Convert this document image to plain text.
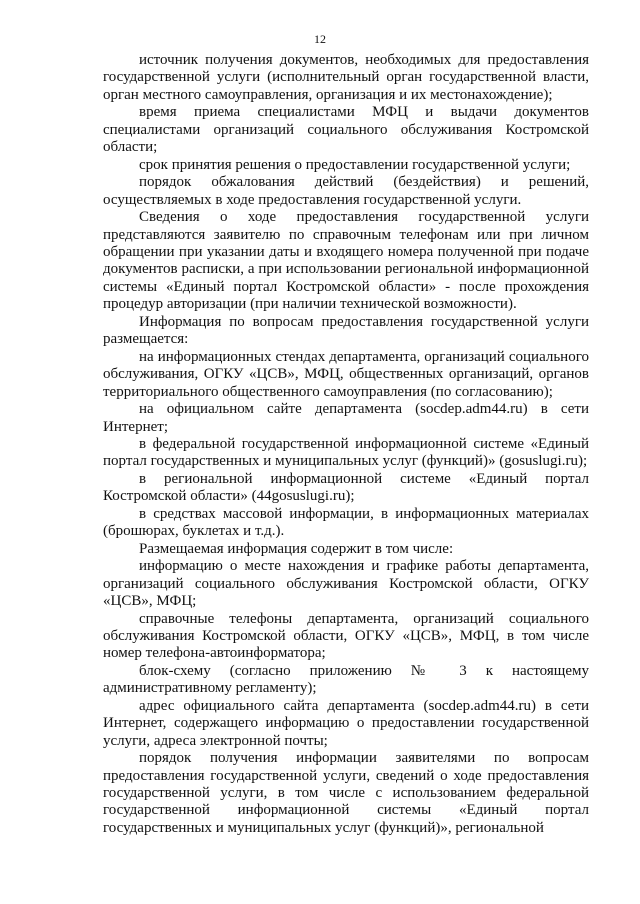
12

источник получения документов, необходимых для предоставления государственной услуги (исполнительный орган государственной власти, орган местного самоуправления, организация и их местонахождение);

время приема специалистами МФЦ и выдачи документов специалистами организаций социального обслуживания Костромской области;

срок принятия решения о предоставлении государственной услуги;

порядок обжалования действий (бездействия) и решений, осуществляемых в ходе предоставления государственной услуги.

Сведения о ходе предоставления государственной услуги представляются заявителю по справочным телефонам или при личном обращении при указании даты и входящего номера полученной при подаче документов расписки, а при использовании региональной информационной системы «Единый портал Костромской области» - после прохождения процедур авторизации (при наличии технической возможности).

Информация по вопросам предоставления государственной услуги размещается:

на информационных стендах департамента, организаций социального обслуживания, ОГКУ «ЦСВ», МФЦ, общественных организаций, органов территориального общественного самоуправления (по согласованию);

на официальном сайте департамента (socdep.adm44.ru) в сети Интернет;

в федеральной государственной информационной системе «Единый портал государственных и муниципальных услуг (функций)» (gosuslugi.ru);

в региональной информационной системе «Единый портал Костромской области» (44gosuslugi.ru);

в средствах массовой информации, в информационных материалах (брошюрах, буклетах и т.д.).

Размещаемая информация содержит в том числе:

информацию о месте нахождения и графике работы департамента, организаций социального обслуживания Костромской области, ОГКУ «ЦСВ», МФЦ;

справочные телефоны департамента, организаций социального обслуживания Костромской области, ОГКУ «ЦСВ», МФЦ, в том числе номер телефона-автоинформатора;

блок-схему (согласно приложению № 3 к настоящему административному регламенту);

адрес официального сайта департамента (socdep.adm44.ru) в сети Интернет, содержащего информацию о предоставлении государственной услуги, адреса электронной почты;

порядок получения информации заявителями по вопросам предоставления государственной услуги, сведений о ходе предоставления государственной услуги, в том числе с использованием федеральной государственной информационной системы «Единый портал государственных и муниципальных услуг (функций)», региональной
